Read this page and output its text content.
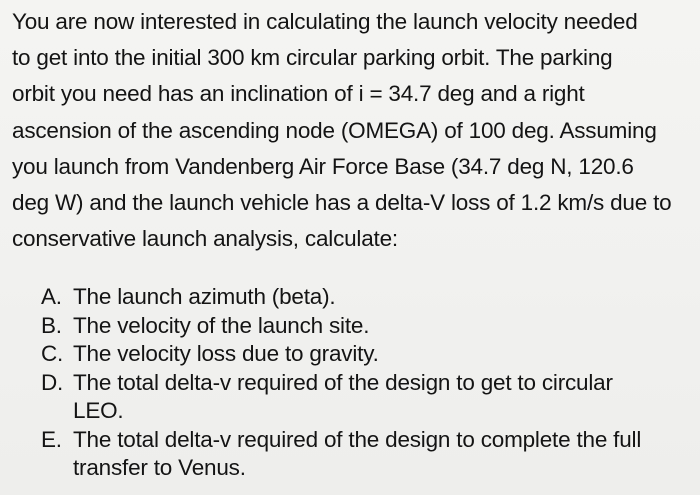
You are now interested in calculating the launch velocity needed
to get into the initial 300 km circular parking orbit. The parking
orbit you need has an inclination of i = 34.7 deg and a right
ascension of the ascending node (OMEGA) of 100 deg. Assuming
you launch from Vandenberg Air Force Base (34.7 deg N, 120.6
deg W) and the launch vehicle has a delta-V loss of 1.2 km/s due to
conservative launch analysis, calculate:

A. The launch azimuth (beta).
B. The velocity of the launch site.
C. The velocity loss due to gravity.
D. The total delta-v required of the design to get to circular
LEO.
E. The total delta-v required of the design to complete the full
transfer to Venus.
